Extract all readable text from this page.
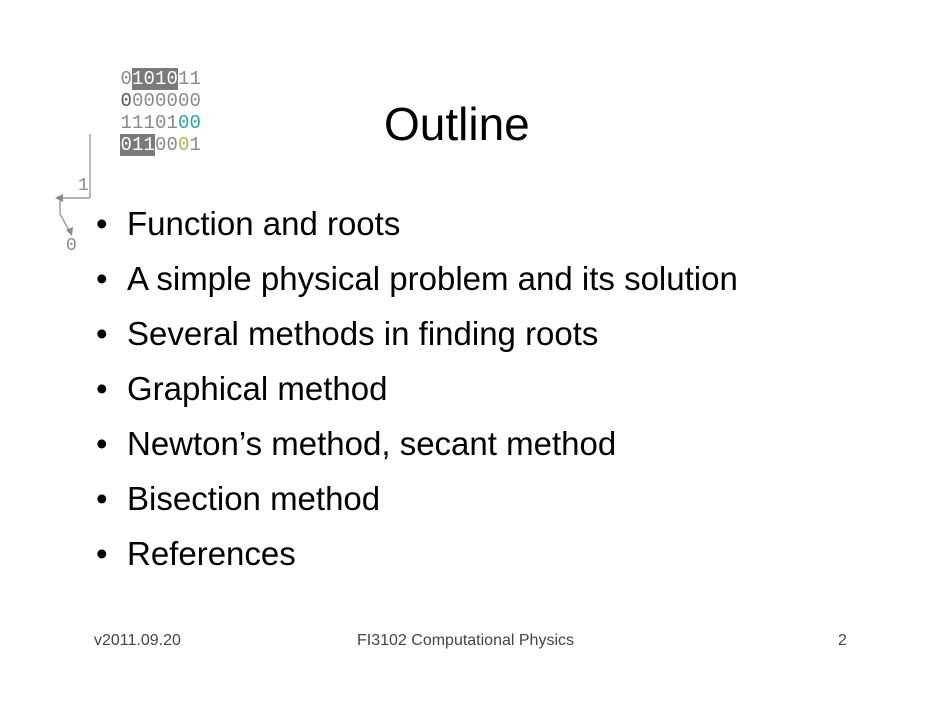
0101011

0000000

1110100

0110001

1
0
Outline
• Function and roots
• A simple physical problem and its solution
• Several methods in finding roots
• Graphical method
• Newton’s method, secant method
• Bisection method
• References
v2011.09.20	FI3102 Computational Physics	2
